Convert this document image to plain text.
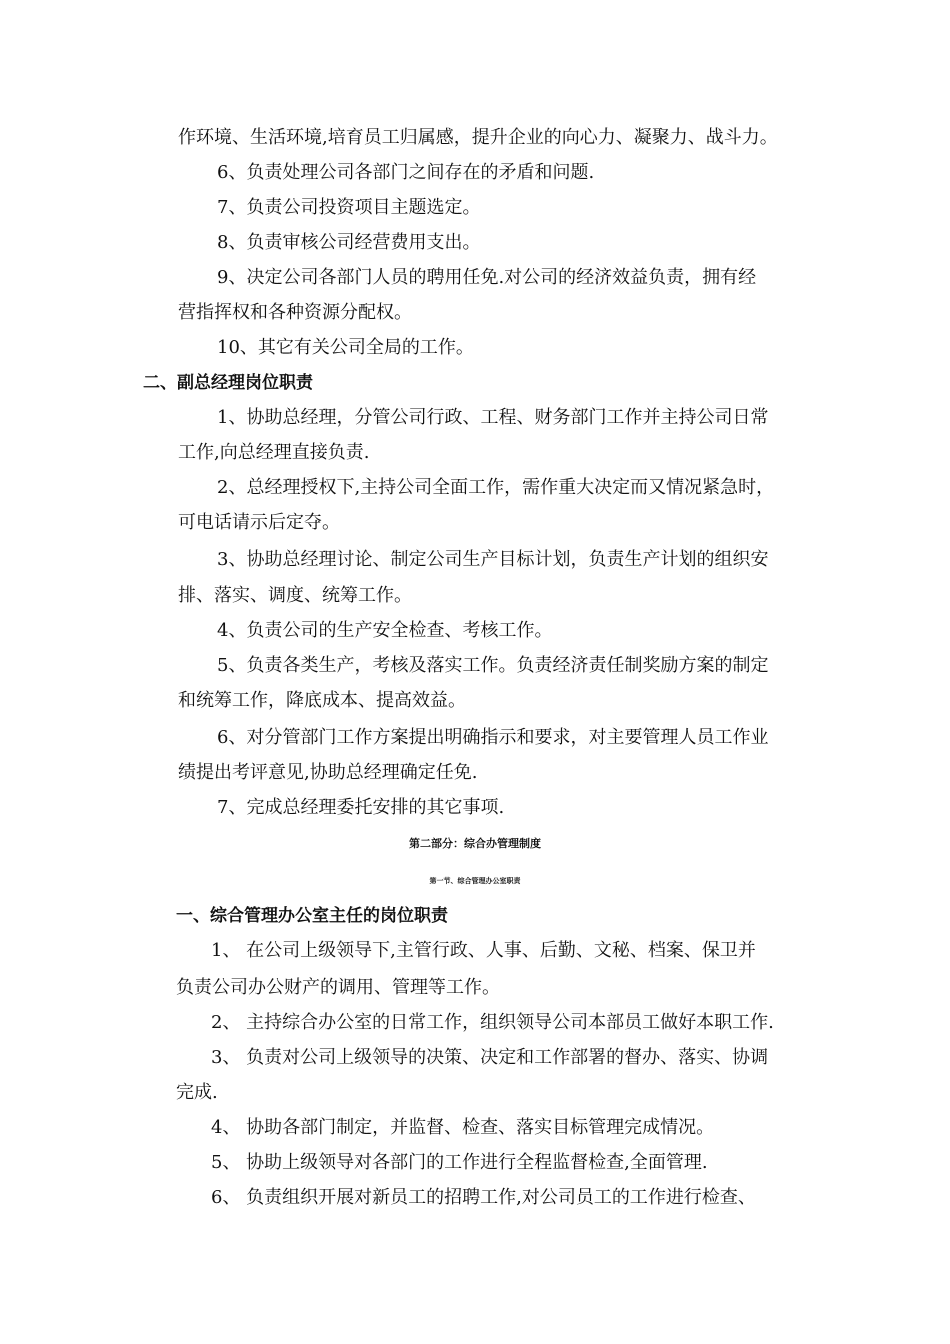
作环境、生活环境,培育员工归属感，提升企业的向心力、凝聚力、战斗力。
6、负责处理公司各部门之间存在的矛盾和问题.
7、负责公司投资项目主题选定。
8、负责审核公司经营费用支出。
9、决定公司各部门人员的聘用任免.对公司的经济效益负责，拥有经
营指挥权和各种资源分配权。
10、其它有关公司全局的工作。
二、副总经理岗位职责
1、协助总经理，分管公司行政、工程、财务部门工作并主持公司日常
工作,向总经理直接负责.
2、总经理授权下,主持公司全面工作，需作重大决定而又情况紧急时，
可电话请示后定夺。
3、协助总经理讨论、制定公司生产目标计划，负责生产计划的组织安
排、落实、调度、统筹工作。
4、负责公司的生产安全检查、考核工作。
5、负责各类生产，考核及落实工作。负责经济责任制奖励方案的制定
和统筹工作，降底成本、提高效益。
6、对分管部门工作方案提出明确指示和要求，对主要管理人员工作业
绩提出考评意见,协助总经理确定任免.
7、完成总经理委托安排的其它事项.
第二部分：综合办管理制度
第一节、综合管理办公室职责
一、综合管理办公室主任的岗位职责
1、 在公司上级领导下,主管行政、人事、后勤、文秘、档案、保卫并
负责公司办公财产的调用、管理等工作。
2、 主持综合办公室的日常工作，组织领导公司本部员工做好本职工作.
3、 负责对公司上级领导的决策、决定和工作部署的督办、落实、协调
完成.
4、 协助各部门制定，并监督、检查、落实目标管理完成情况。
5、 协助上级领导对各部门的工作进行全程监督检查,全面管理.
6、 负责组织开展对新员工的招聘工作,对公司员工的工作进行检查、
